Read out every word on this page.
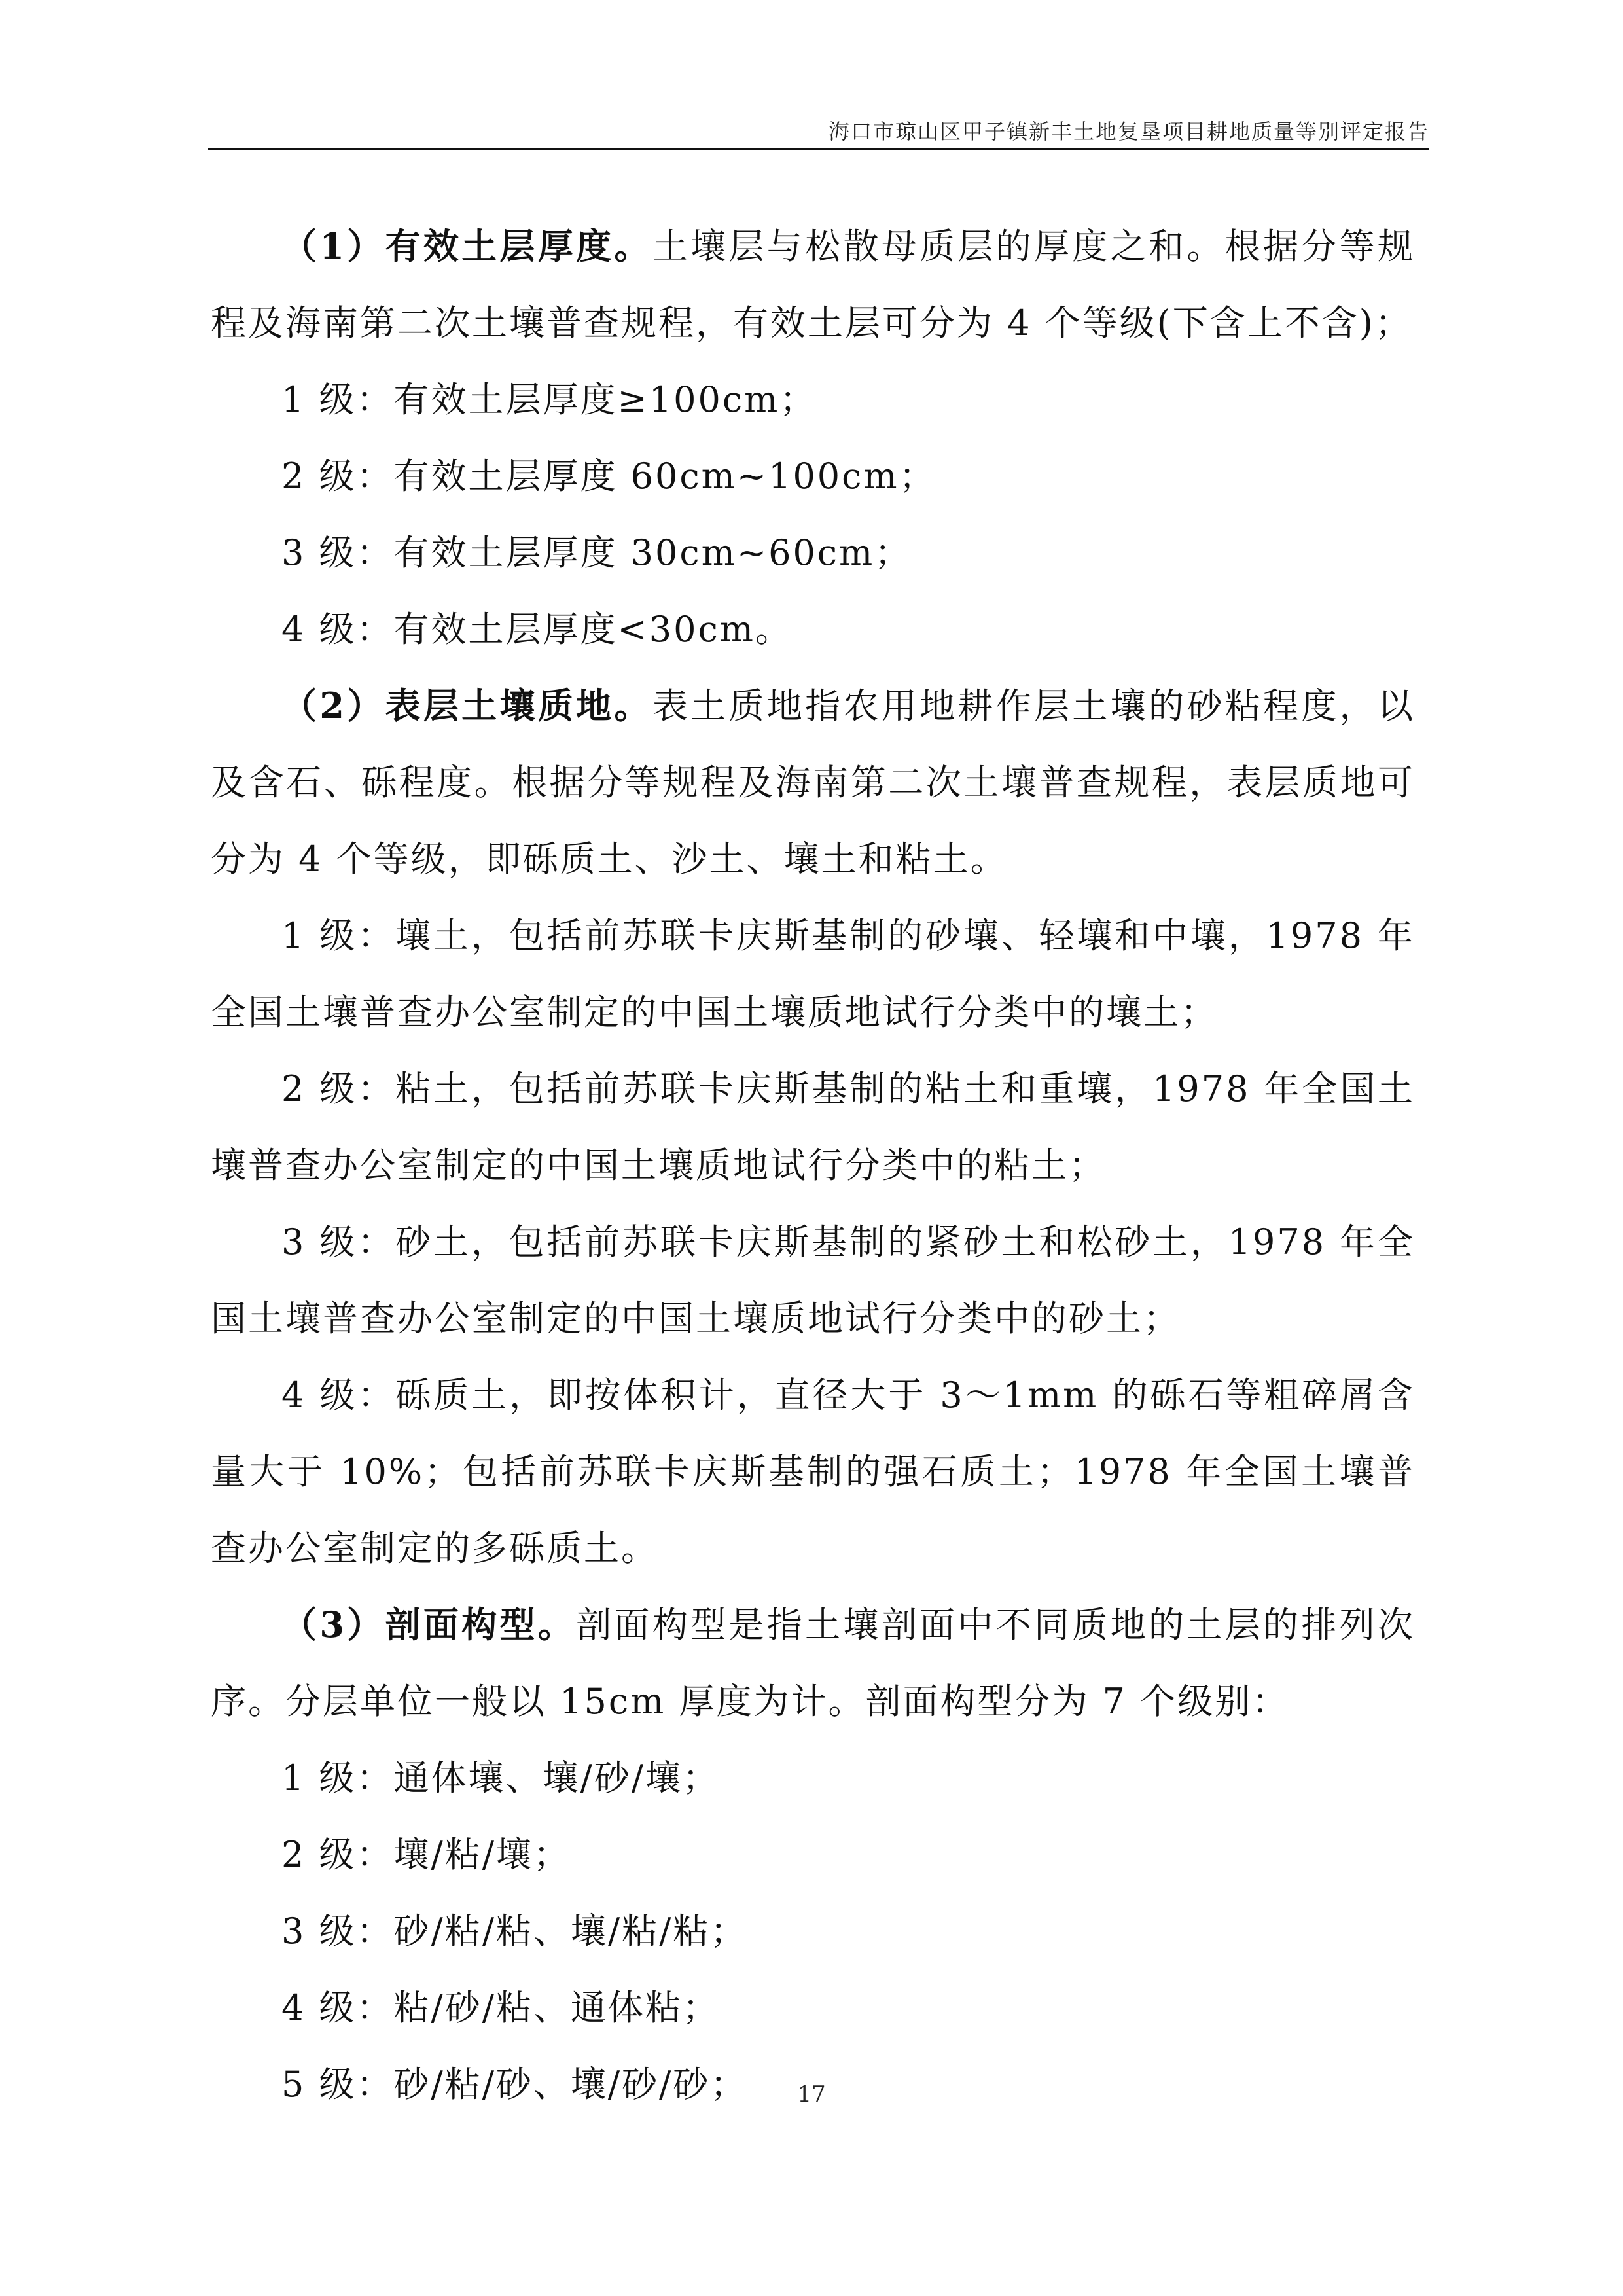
海口市琼山区甲子镇新丰土地复垦项目耕地质量等别评定报告

（1）有效土层厚度。土壤层与松散母质层的厚度之和。根据分等规程及海南第二次土壤普查规程，有效土层可分为 4 个等级(下含上不含)；

1 级：有效土层厚度≥100cm；

2 级：有效土层厚度 60cm~100cm；

3 级：有效土层厚度 30cm~60cm；

4 级：有效土层厚度<30cm。

（2）表层土壤质地。表土质地指农用地耕作层土壤的砂粘程度，以及含石、砾程度。根据分等规程及海南第二次土壤普查规程，表层质地可分为 4 个等级，即砾质土、沙土、壤土和粘土。

1 级：壤土，包括前苏联卡庆斯基制的砂壤、轻壤和中壤，1978 年全国土壤普查办公室制定的中国土壤质地试行分类中的壤土；

2 级：粘土，包括前苏联卡庆斯基制的粘土和重壤，1978 年全国土壤普查办公室制定的中国土壤质地试行分类中的粘土；

3 级：砂土，包括前苏联卡庆斯基制的紧砂土和松砂土，1978 年全国土壤普查办公室制定的中国土壤质地试行分类中的砂土；

4 级：砾质土，即按体积计，直径大于 3～1mm 的砾石等粗碎屑含量大于 10%；包括前苏联卡庆斯基制的强石质土；1978 年全国土壤普查办公室制定的多砾质土。

（3）剖面构型。剖面构型是指土壤剖面中不同质地的土层的排列次序。分层单位一般以 15cm 厚度为计。剖面构型分为 7 个级别：

1 级：通体壤、壤/砂/壤；

2 级：壤/粘/壤；

3 级：砂/粘/粘、壤/粘/粘；

4 级：粘/砂/粘、通体粘；

5 级：砂/粘/砂、壤/砂/砂；	17
